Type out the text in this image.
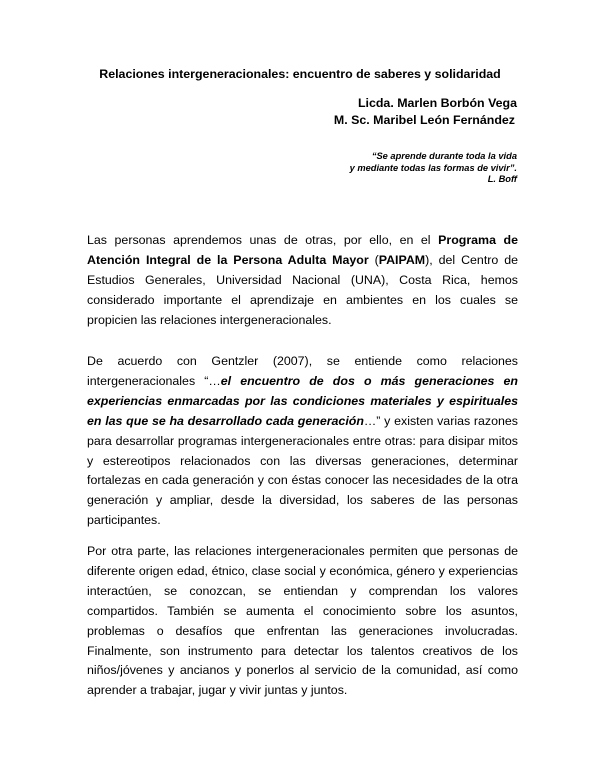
Relaciones intergeneracionales: encuentro de saberes y solidaridad
Licda. Marlen Borbón Vega
M. Sc. Maribel León Fernández
“Se aprende durante toda la vida
y mediante todas las formas de vivir”.
L. Boff

Las personas aprendemos unas de otras, por ello, en el Programa de Atención Integral de la Persona Adulta Mayor (PAIPAM), del Centro de Estudios Generales, Universidad Nacional (UNA), Costa Rica, hemos considerado importante el aprendizaje en ambientes en los cuales se propicien las relaciones intergeneracionales.

De acuerdo con Gentzler (2007), se entiende como relaciones intergeneracionales “…el encuentro de dos o más generaciones en experiencias enmarcadas por las condiciones materiales y espirituales en las que se ha desarrollado cada generación…” y existen varias razones para desarrollar programas intergeneracionales entre otras: para disipar mitos y estereotipos relacionados con las diversas generaciones, determinar fortalezas en cada generación y con éstas conocer las necesidades de la otra generación y ampliar, desde la diversidad, los saberes de las personas participantes.

Por otra parte, las relaciones intergeneracionales permiten que personas de diferente origen edad, étnico, clase social y económica, género y experiencias interactúen, se conozcan, se entiendan y comprendan los valores compartidos. También se aumenta el conocimiento sobre los asuntos, problemas o desafíos que enfrentan las generaciones involucradas. Finalmente, son instrumento para detectar los talentos creativos de los niños/jóvenes y ancianos y ponerlos al servicio de la comunidad, así como aprender a trabajar, jugar y vivir juntas y juntos.
